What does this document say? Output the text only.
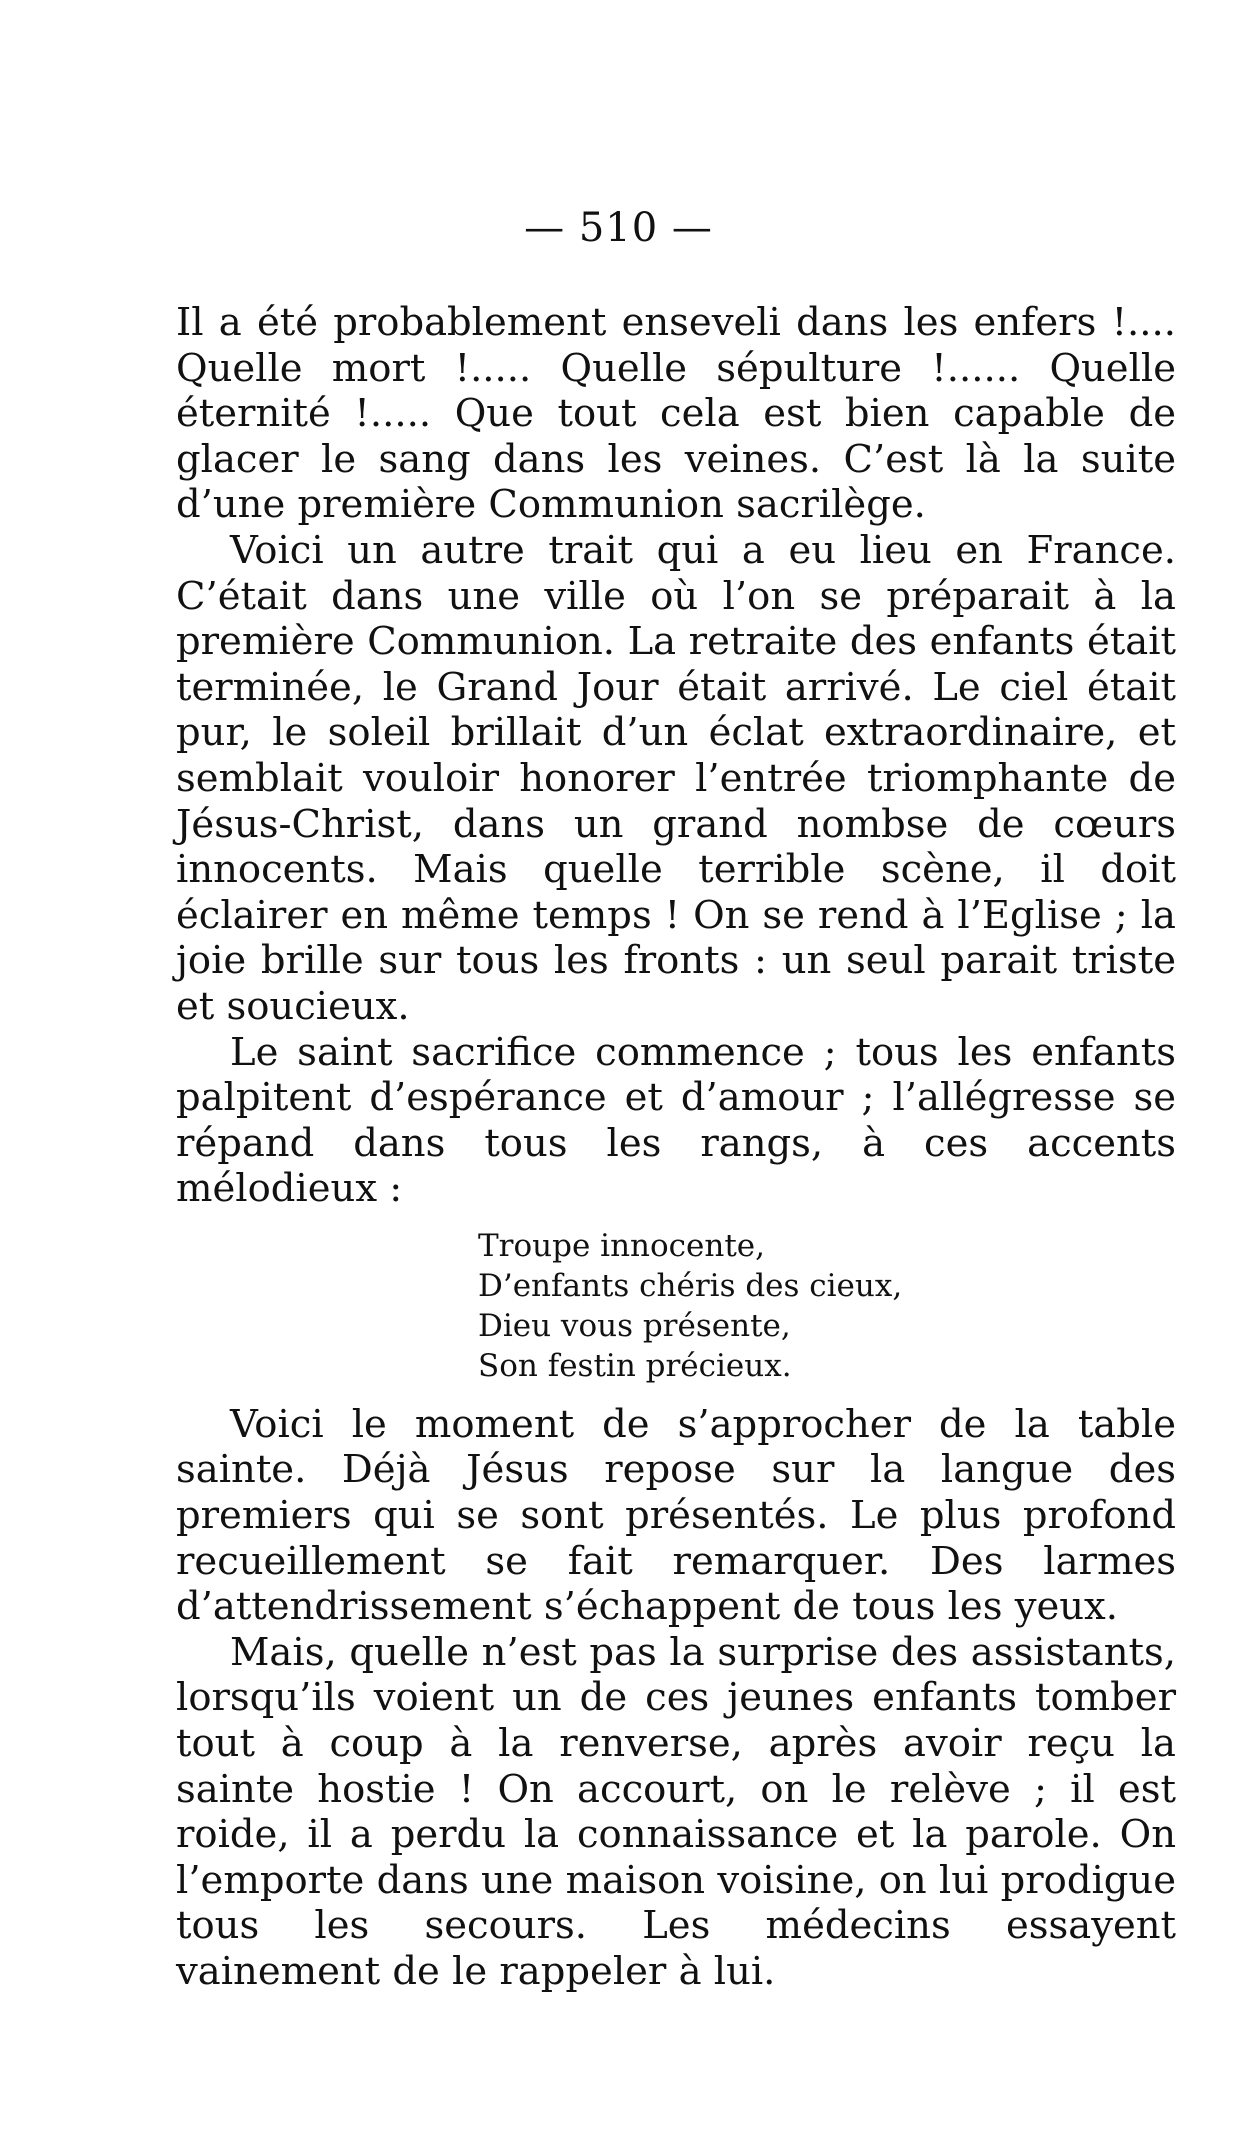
— 510 —

Il a été probablement enseveli dans les enfers !.... Quelle mort !..... Quelle sépulture !...... Quelle éternité !..... Que tout cela est bien capable de glacer le sang dans les veines. C’est là la suite d’une première Communion sacrilège.

Voici un autre trait qui a eu lieu en France. C’était dans une ville où l’on se préparait à la première Communion. La retraite des enfants était terminée, le Grand Jour était arrivé. Le ciel était pur, le soleil brillait d’un éclat extraordinaire, et semblait vouloir honorer l’entrée triomphante de Jésus-Christ, dans un grand nombse de cœurs innocents. Mais quelle terrible scène, il doit éclairer en même temps ! On se rend à l’Eglise ; la joie brille sur tous les fronts : un seul parait triste et soucieux.

Le saint sacrifice commence ; tous les enfants palpitent d’espérance et d’amour ; l’allégresse se répand dans tous les rangs, à ces accents mélodieux :

Troupe innocente,
D’enfants chéris des cieux,
Dieu vous présente,
Son festin précieux.

Voici le moment de s’approcher de la table sainte. Déjà Jésus repose sur la langue des premiers qui se sont présentés. Le plus profond recueillement se fait remarquer. Des larmes d’attendrissement s’échappent de tous les yeux.

Mais, quelle n’est pas la surprise des assistants, lorsqu’ils voient un de ces jeunes enfants tomber tout à coup à la renverse, après avoir reçu la sainte hostie ! On accourt, on le relève ; il est roide, il a perdu la connaissance et la parole. On l’emporte dans une maison voisine, on lui prodigue tous les secours. Les médecins essayent vainement de le rappeler à lui.
